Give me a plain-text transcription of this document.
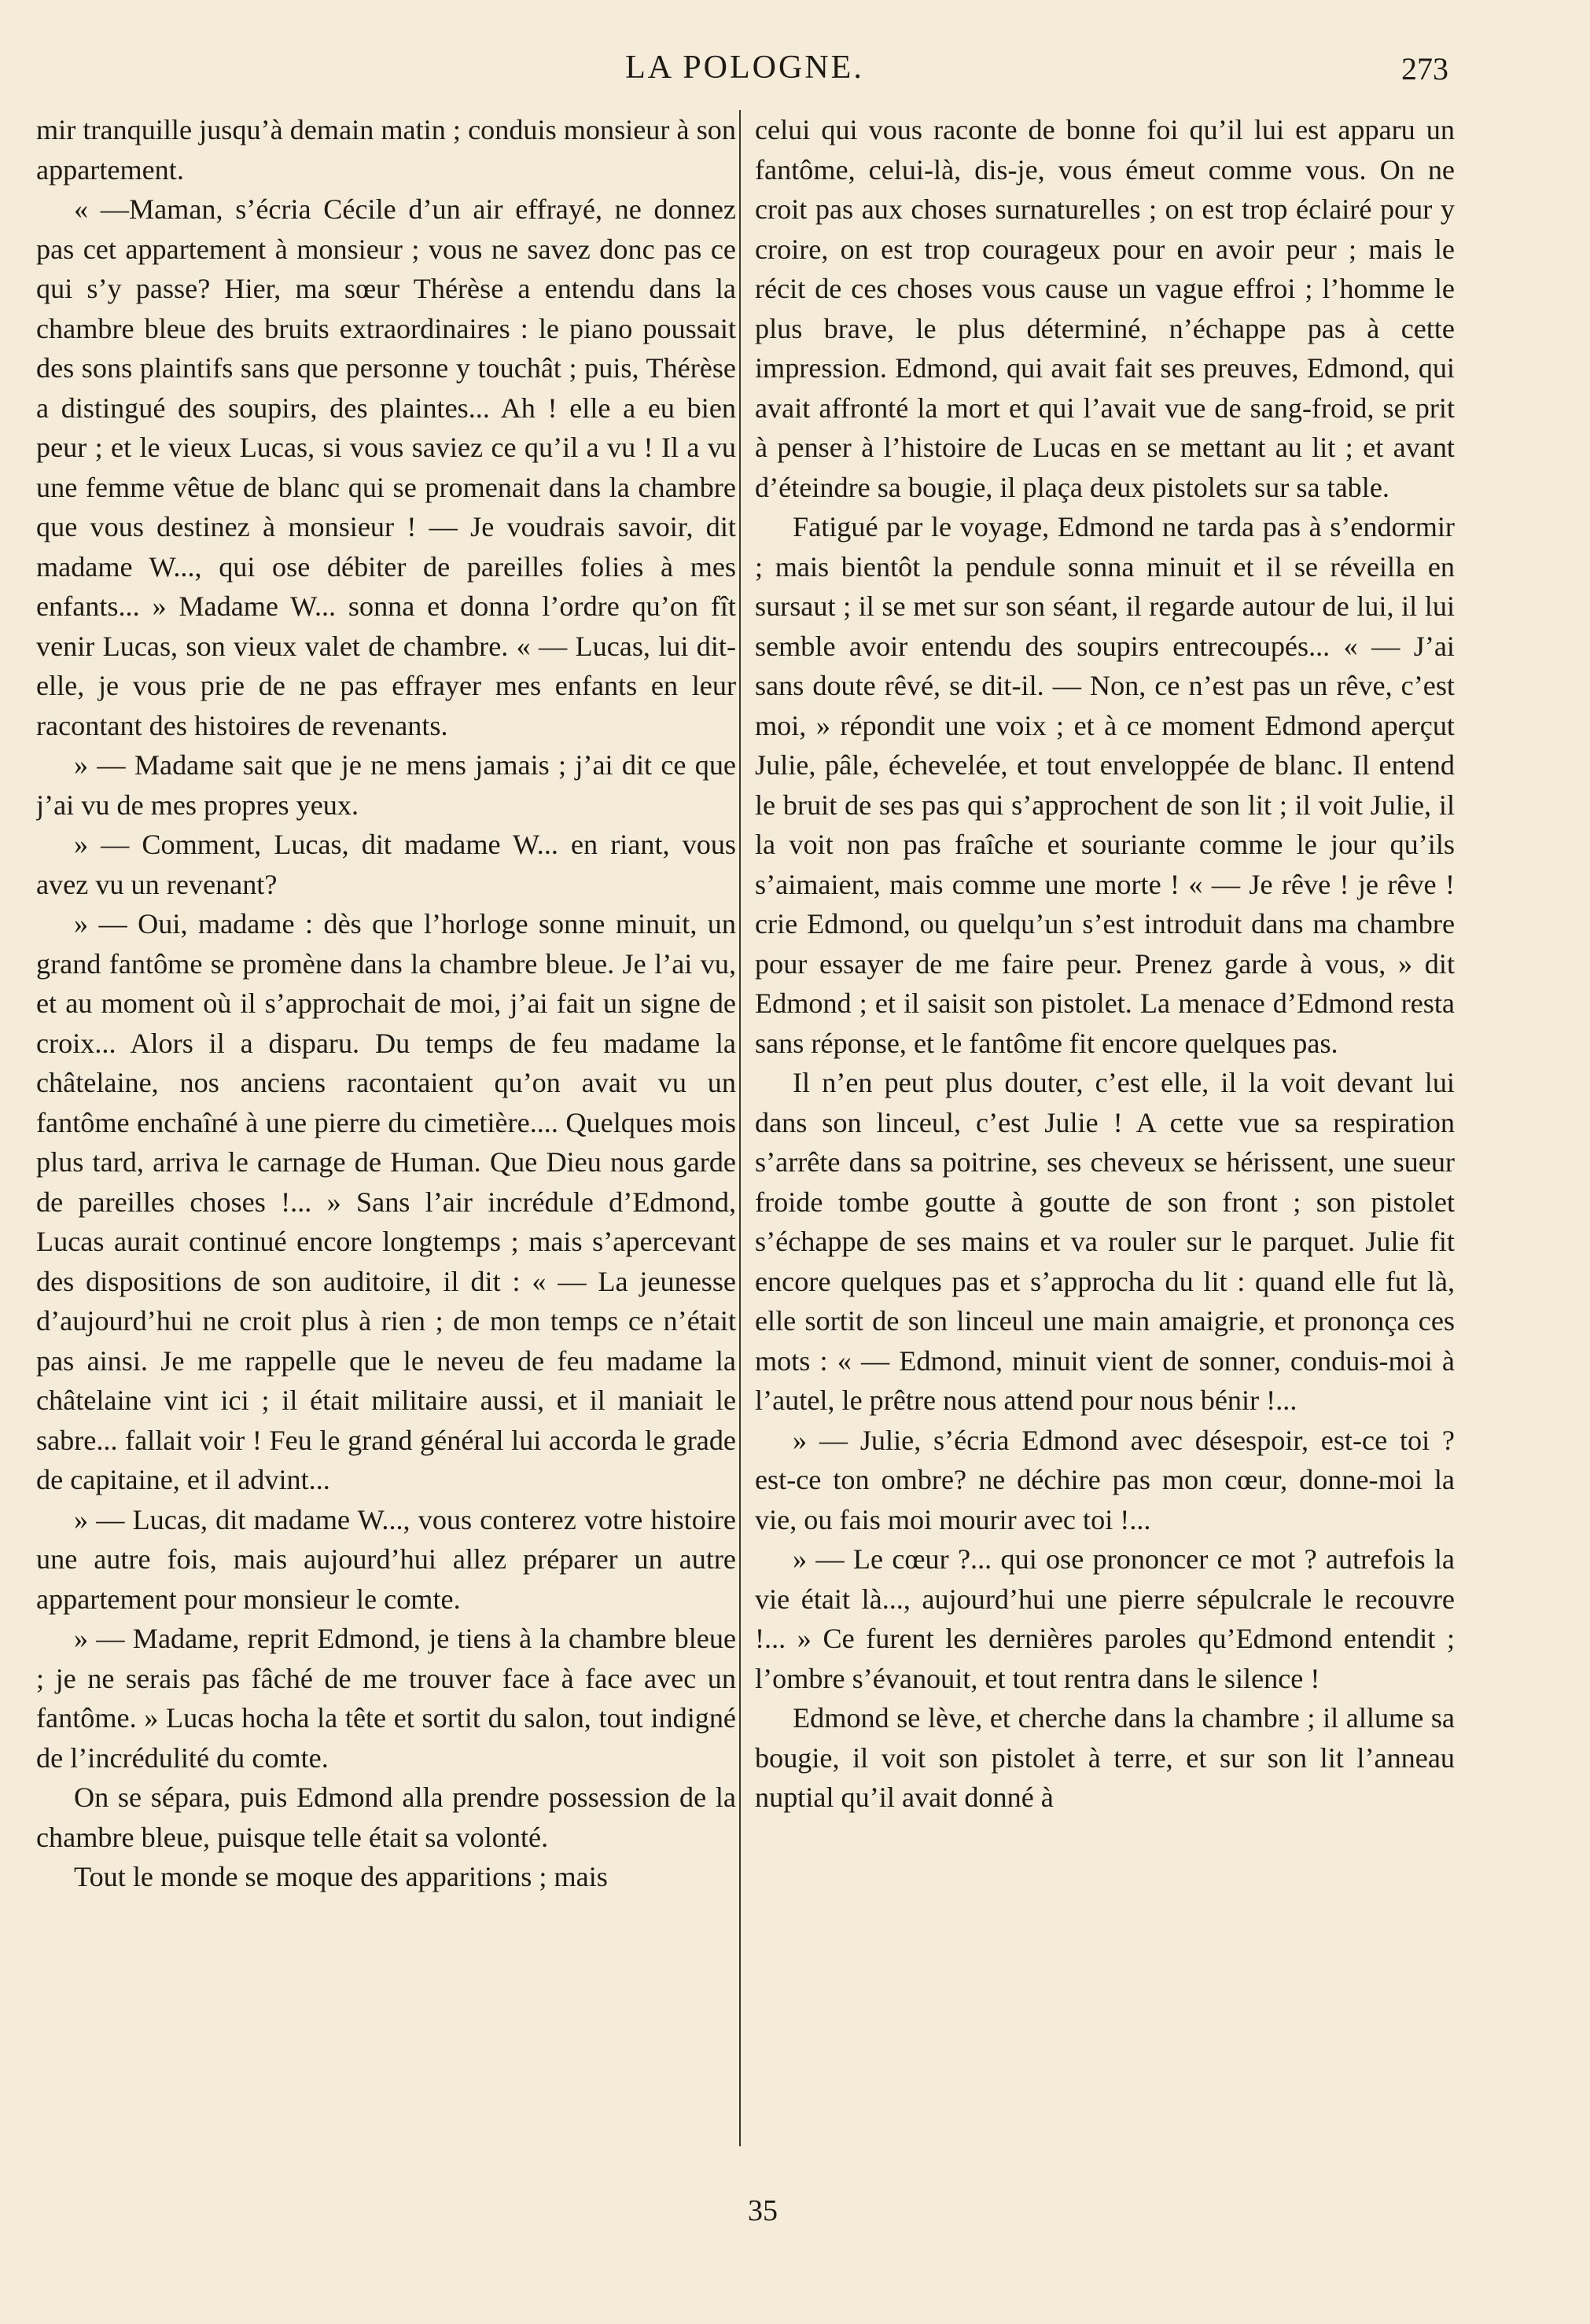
LA POLOGNE.	273

mir tranquille jusqu’à demain matin ; conduis monsieur à son appartement.

« —Maman, s’écria Cécile d’un air effrayé, ne donnez pas cet appartement à monsieur ; vous ne savez donc pas ce qui s’y passe? Hier, ma sœur Thérèse a entendu dans la chambre bleue des bruits extraordinaires : le piano poussait des sons plaintifs sans que personne y touchât ; puis, Thérèse a distingué des soupirs, des plaintes... Ah ! elle a eu bien peur ; et le vieux Lucas, si vous saviez ce qu’il a vu ! Il a vu une femme vêtue de blanc qui se promenait dans la chambre que vous destinez à monsieur ! — Je voudrais savoir, dit madame W..., qui ose débiter de pareilles folies à mes enfants... » Madame W... sonna et donna l’ordre qu’on fît venir Lucas, son vieux valet de chambre. « — Lucas, lui dit-elle, je vous prie de ne pas effrayer mes enfants en leur racontant des histoires de revenants.

» — Madame sait que je ne mens jamais ; j’ai dit ce que j’ai vu de mes propres yeux.

» — Comment, Lucas, dit madame W... en riant, vous avez vu un revenant?

» — Oui, madame : dès que l’horloge sonne minuit, un grand fantôme se promène dans la chambre bleue. Je l’ai vu, et au moment où il s’approchait de moi, j’ai fait un signe de croix... Alors il a disparu. Du temps de feu madame la châtelaine, nos anciens racontaient qu’on avait vu un fantôme enchaîné à une pierre du cimetière.... Quelques mois plus tard, arriva le carnage de Human. Que Dieu nous garde de pareilles choses !... » Sans l’air incrédule d’Edmond, Lucas aurait continué encore longtemps ; mais s’apercevant des dispositions de son auditoire, il dit : « — La jeunesse d’aujourd’hui ne croit plus à rien ; de mon temps ce n’était pas ainsi. Je me rappelle que le neveu de feu madame la châtelaine vint ici ; il était militaire aussi, et il maniait le sabre... fallait voir ! Feu le grand général lui accorda le grade de capitaine, et il advint...

» — Lucas, dit madame W..., vous conterez votre histoire une autre fois, mais aujourd’hui allez préparer un autre appartement pour monsieur le comte.

» — Madame, reprit Edmond, je tiens à la chambre bleue ; je ne serais pas fâché de me trouver face à face avec un fantôme. » Lucas hocha la tête et sortit du salon, tout indigné de l’incrédulité du comte.

On se sépara, puis Edmond alla prendre possession de la chambre bleue, puisque telle était sa volonté.

Tout le monde se moque des apparitions ; mais

celui qui vous raconte de bonne foi qu’il lui est apparu un fantôme, celui-là, dis-je, vous émeut comme vous. On ne croit pas aux choses surnaturelles ; on est trop éclairé pour y croire, on est trop courageux pour en avoir peur ; mais le récit de ces choses vous cause un vague effroi ; l’homme le plus brave, le plus déterminé, n’échappe pas à cette impression. Edmond, qui avait fait ses preuves, Edmond, qui avait affronté la mort et qui l’avait vue de sang-froid, se prit à penser à l’histoire de Lucas en se mettant au lit ; et avant d’éteindre sa bougie, il plaça deux pistolets sur sa table.

Fatigué par le voyage, Edmond ne tarda pas à s’endormir ; mais bientôt la pendule sonna minuit et il se réveilla en sursaut ; il se met sur son séant, il regarde autour de lui, il lui semble avoir entendu des soupirs entrecoupés... « — J’ai sans doute rêvé, se dit-il. — Non, ce n’est pas un rêve, c’est moi, » répondit une voix ; et à ce moment Edmond aperçut Julie, pâle, échevelée, et tout enveloppée de blanc. Il entend le bruit de ses pas qui s’approchent de son lit ; il voit Julie, il la voit non pas fraîche et souriante comme le jour qu’ils s’aimaient, mais comme une morte ! « — Je rêve ! je rêve ! crie Edmond, ou quelqu’un s’est introduit dans ma chambre pour essayer de me faire peur. Prenez garde à vous, » dit Edmond ; et il saisit son pistolet. La menace d’Edmond resta sans réponse, et le fantôme fit encore quelques pas.

Il n’en peut plus douter, c’est elle, il la voit devant lui dans son linceul, c’est Julie ! A cette vue sa respiration s’arrête dans sa poitrine, ses cheveux se hérissent, une sueur froide tombe goutte à goutte de son front ; son pistolet s’échappe de ses mains et va rouler sur le parquet. Julie fit encore quelques pas et s’approcha du lit : quand elle fut là, elle sortit de son linceul une main amaigrie, et prononça ces mots : « — Edmond, minuit vient de sonner, conduis-moi à l’autel, le prêtre nous attend pour nous bénir !...

» — Julie, s’écria Edmond avec désespoir, est-ce toi ? est-ce ton ombre? ne déchire pas mon cœur, donne-moi la vie, ou fais moi mourir avec toi !...

» — Le cœur ?... qui ose prononcer ce mot ? autrefois la vie était là..., aujourd’hui une pierre sépulcrale le recouvre !... » Ce furent les dernières paroles qu’Edmond entendit ; l’ombre s’évanouit, et tout rentra dans le silence !

Edmond se lève, et cherche dans la chambre ; il allume sa bougie, il voit son pistolet à terre, et sur son lit l’anneau nuptial qu’il avait donné à

35
